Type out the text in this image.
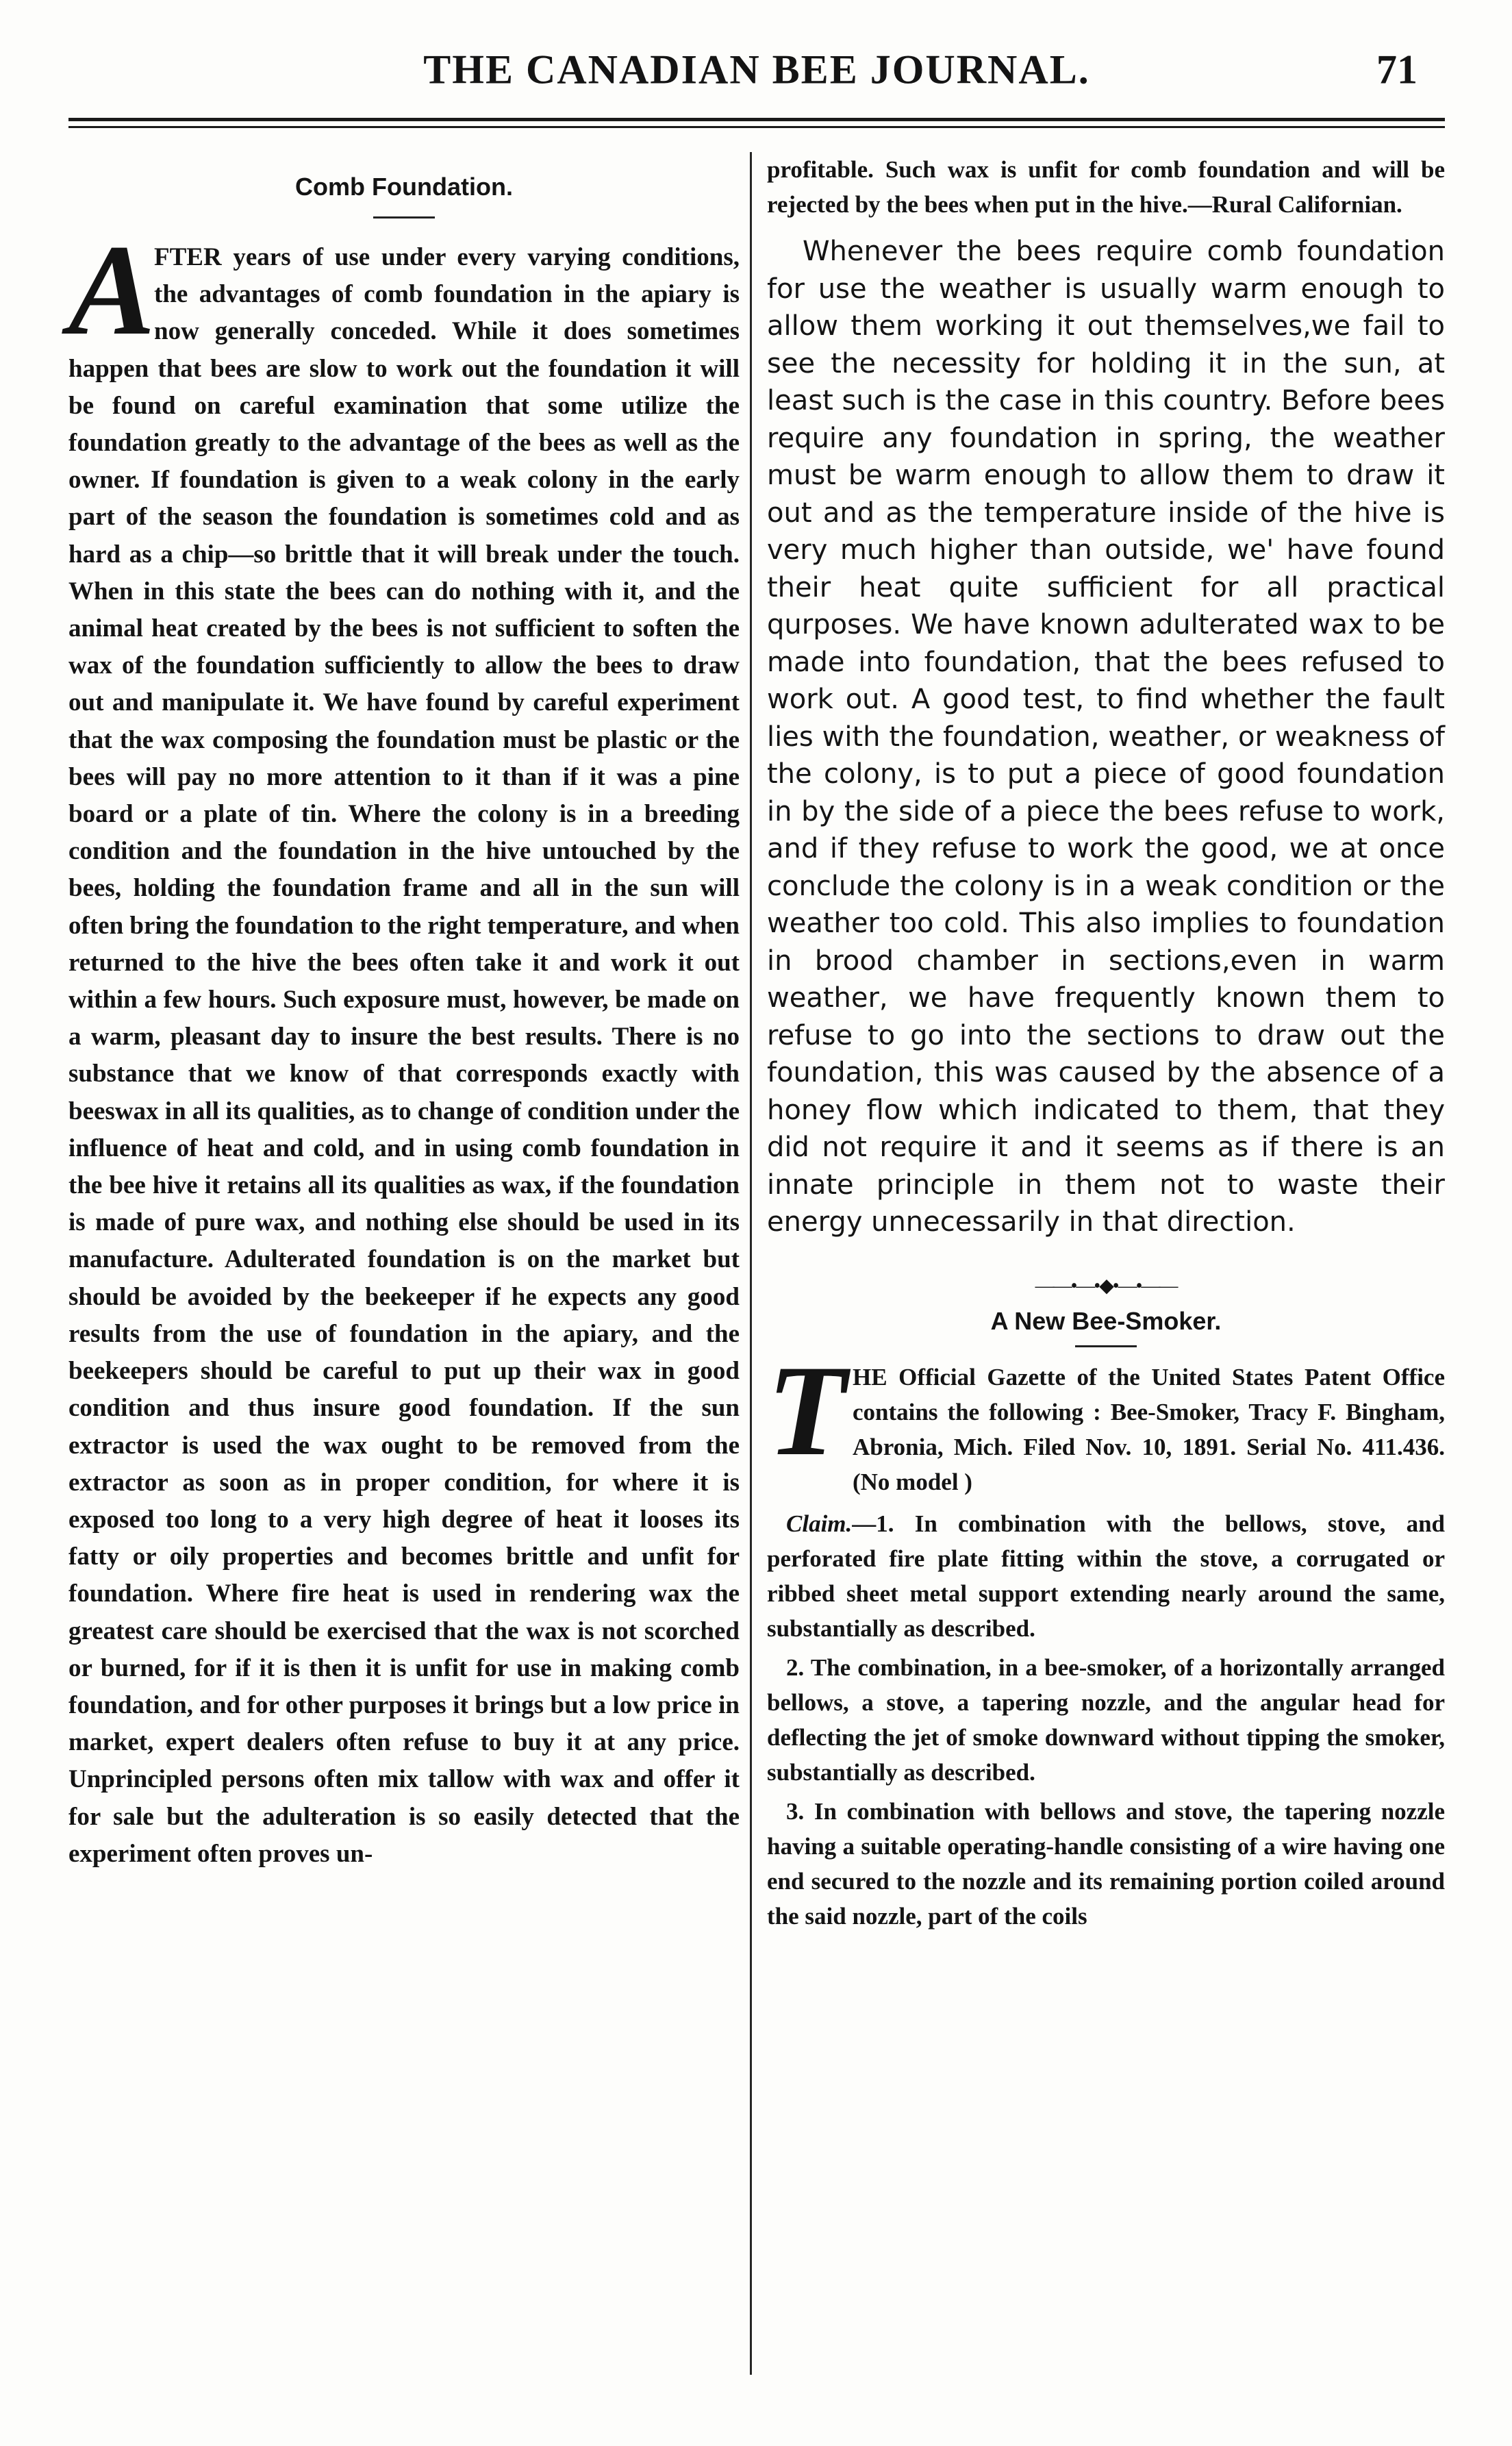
THE CANADIAN BEE JOURNAL.	71
Comb Foundation.
A

FTER years of use under every varying conditions, the advantages of comb foundation in the apiary is now generally conceded. While it does sometimes happen that bees are slow to work out the foundation it will be found on careful examination that some utilize the foundation greatly to the advantage of the bees as well as the owner. If foundation is given to a weak colony in the early part of the season the foundation is sometimes cold and as hard as a chip—so brittle that it will break under the touch. When in this state the bees can do nothing with it, and the animal heat created by the bees is not sufficient to soften the wax of the foundation sufficiently to allow the bees to draw out and manipulate it. We have found by careful experiment that the wax composing the foundation must be plastic or the bees will pay no more attention to it than if it was a pine board or a plate of tin. Where the colony is in a breeding condition and the foundation in the hive untouched by the bees, holding the foundation frame and all in the sun will often bring the foundation to the right temperature, and when returned to the hive the bees often take it and work it out within a few hours. Such exposure must, however, be made on a warm, pleasant day to insure the best results. There is no substance that we know of that corresponds exactly with beeswax in all its qualities, as to change of condition under the influence of heat and cold, and in using comb foundation in the bee hive it retains all its qualities as wax, if the foundation is made of pure wax, and nothing else should be used in its manufacture. Adulterated foundation is on the market but should be avoided by the beekeeper if he expects any good results from the use of foundation in the apiary, and the beekeepers should be careful to put up their wax in good condition and thus insure good foundation. If the sun extractor is used the wax ought to be removed from the extractor as soon as in proper condition, for where it is exposed too long to a very high degree of heat it looses its fatty or oily properties and becomes brittle and unfit for foundation. Where fire heat is used in rendering wax the greatest care should be exercised that the wax is not scorched or burned, for if it is then it is unfit for use in making comb foundation, and for other purposes it brings but a low price in market, expert dealers often refuse to buy it at any price. Unprincipled persons often mix tallow with wax and offer it for sale but the adulteration is so easily detected that the experiment often proves un-

profitable. Such wax is unfit for comb foundation and will be rejected by the bees when put in the hive.—Rural Californian.

Whenever the bees require comb foundation for use the weather is usually warm enough to allow them working it out themselves,we fail to see the necessity for holding it in the sun, at least such is the case in this country. Before bees require any foundation in spring, the weather must be warm enough to allow them to draw it out and as the temperature inside of the hive is very much higher than outside, we' have found their heat quite sufficient for all practical qurposes. We have known adulterated wax to be made into foundation, that the bees refused to work out. A good test, to find whether the fault lies with the foundation, weather, or weakness of the colony, is to put a piece of good foundation in by the side of a piece the bees refuse to work, and if they refuse to work the good, we at once conclude the colony is in a weak condition or the weather too cold. This also implies to foundation in brood chamber in sections,even in warm weather, we have frequently known them to refuse to go into the sections to draw out the foundation, this was caused by the absence of a honey flow which indicated to them, that they did not require it and it seems as if there is an innate principle in them not to waste their energy unnecessarily in that direction.

——•—•◆•—•——
A New Bee-Smoker.
T HE Official Gazette of the United States Patent Office contains the following : Bee-Smoker, Tracy F. Bingham, Abronia, Mich. Filed Nov. 10, 1891. Serial No. 411.436. (No model )

Claim.—1. In combination with the bellows, stove, and perforated fire plate fitting within the stove, a corrugated or ribbed sheet metal support extending nearly around the same, substantially as described.

2. The combination, in a bee-smoker, of a horizontally arranged bellows, a stove, a tapering nozzle, and the angular head for deflecting the jet of smoke downward without tipping the smoker, substantially as described.

3. In combination with bellows and stove, the tapering nozzle having a suitable operating-handle consisting of a wire having one end secured to the nozzle and its remaining portion coiled around the said nozzle, part of the coils
